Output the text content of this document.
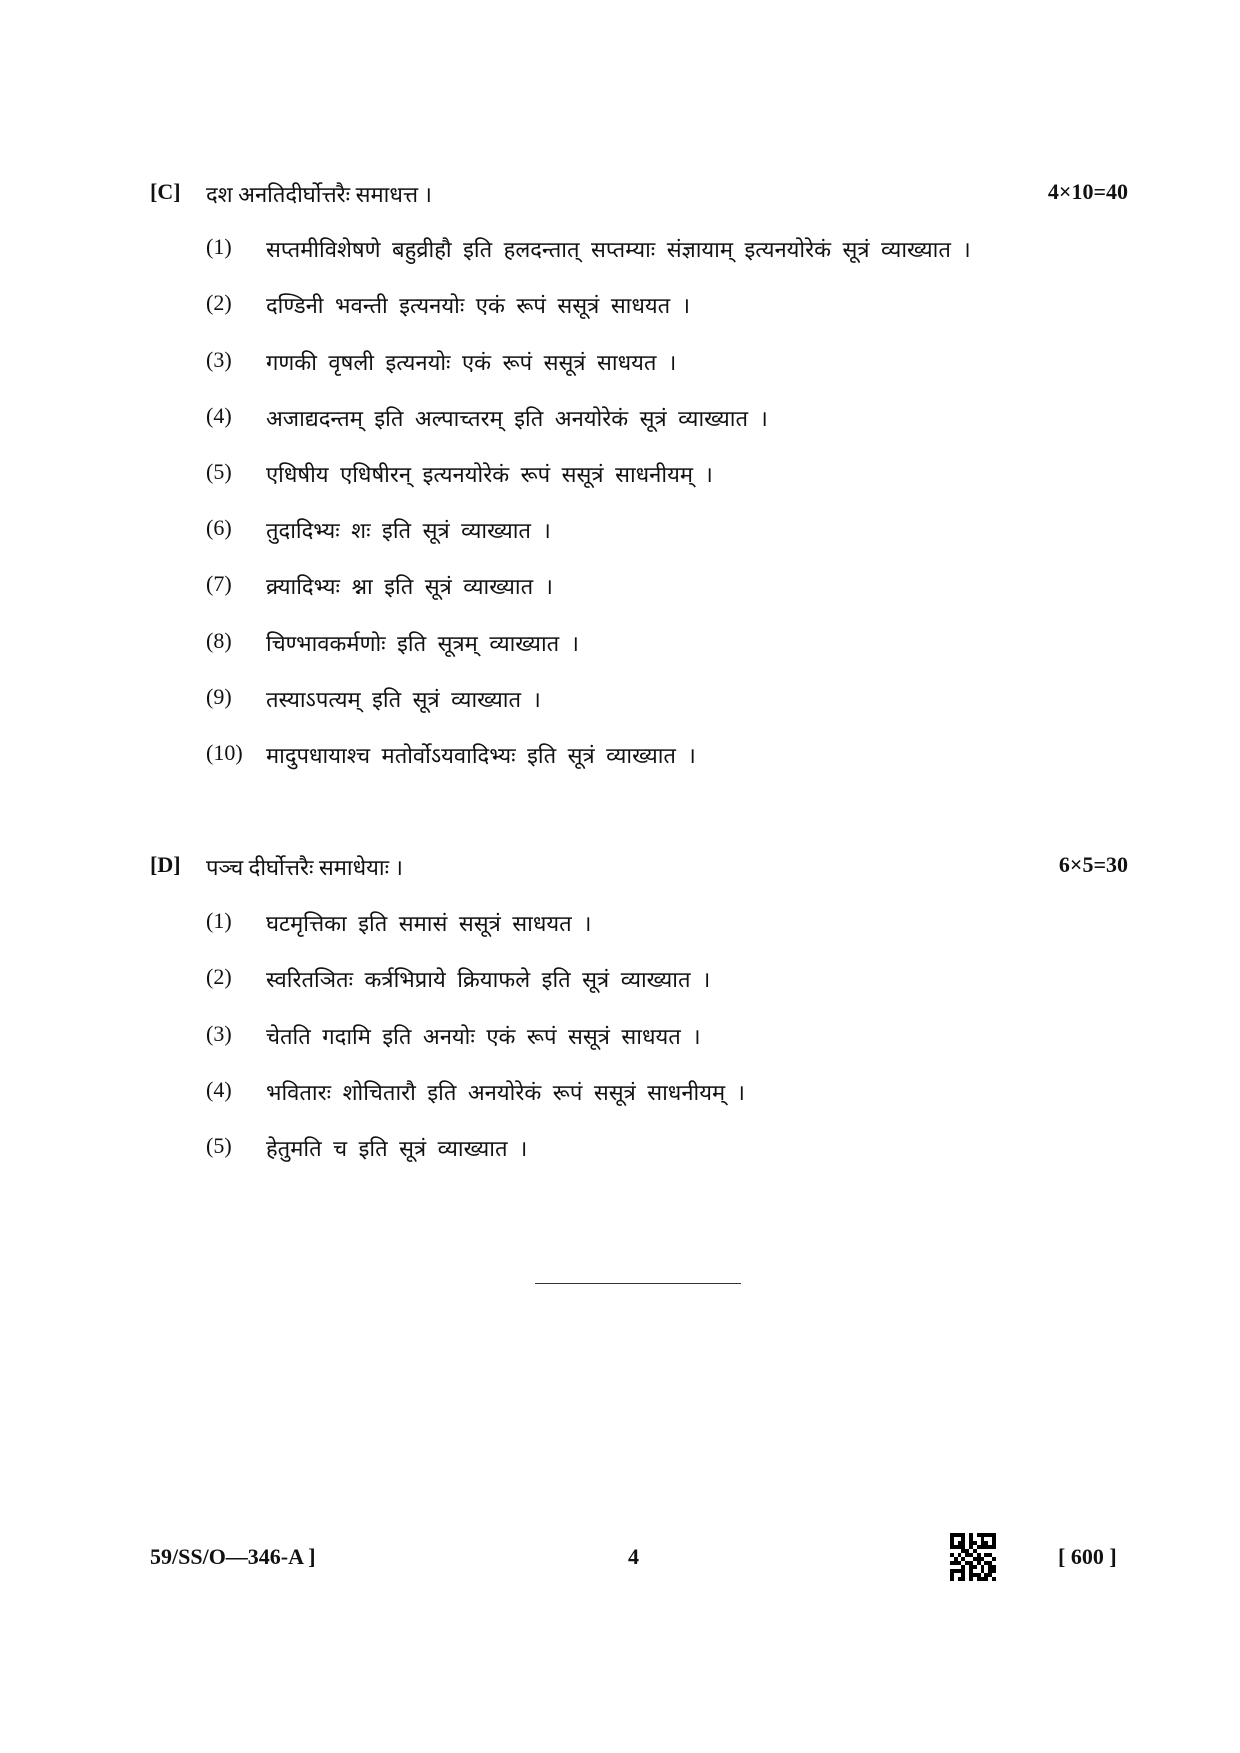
[C] दश अनतिदीर्घोत्तरैः समाधत्त ।	4×10=40
(1) सप्तमीविशेषणे बहुव्रीहौ इति हलदन्तात् सप्तम्याः संज्ञायाम् इत्यनयोरेकं सूत्रं व्याख्यात ।
(2) दण्डिनी भवन्ती इत्यनयोः एकं रूपं ससूत्रं साधयत ।
(3) गणकी वृषली इत्यनयोः एकं रूपं ससूत्रं साधयत ।
(4) अजाद्यदन्तम् इति अल्पाच्तरम् इति अनयोरेकं सूत्रं व्याख्यात ।
(5) एधिषीय एधिषीरन् इत्यनयोरेकं रूपं ससूत्रं साधनीयम् ।
(6) तुदादिभ्यः शः इति सूत्रं व्याख्यात ।
(7) क्र्यादिभ्यः श्ना इति सूत्रं व्याख्यात ।
(8) चिण्भावकर्मणोः इति सूत्रम् व्याख्यात ।
(9) तस्याऽपत्यम् इति सूत्रं व्याख्यात ।
(10) मादुपधायाश्च मतोर्वोऽयवादिभ्यः इति सूत्रं व्याख्यात ।
[D] पञ्च दीर्घोत्तरैः समाधेयाः ।	6×5=30
(1) घटमृत्तिका इति समासं ससूत्रं साधयत ।
(2) स्वरितञितः कर्त्रभिप्राये क्रियाफले इति सूत्रं व्याख्यात ।
(3) चेतति गदामि इति अनयोः एकं रूपं ससूत्रं साधयत ।
(4) भवितारः शोचितारौ इति अनयोरेकं रूपं ससूत्रं साधनीयम् ।
(5) हेतुमति च इति सूत्रं व्याख्यात ।
59/SS/O—346-A ]	4	[ 600 ]
